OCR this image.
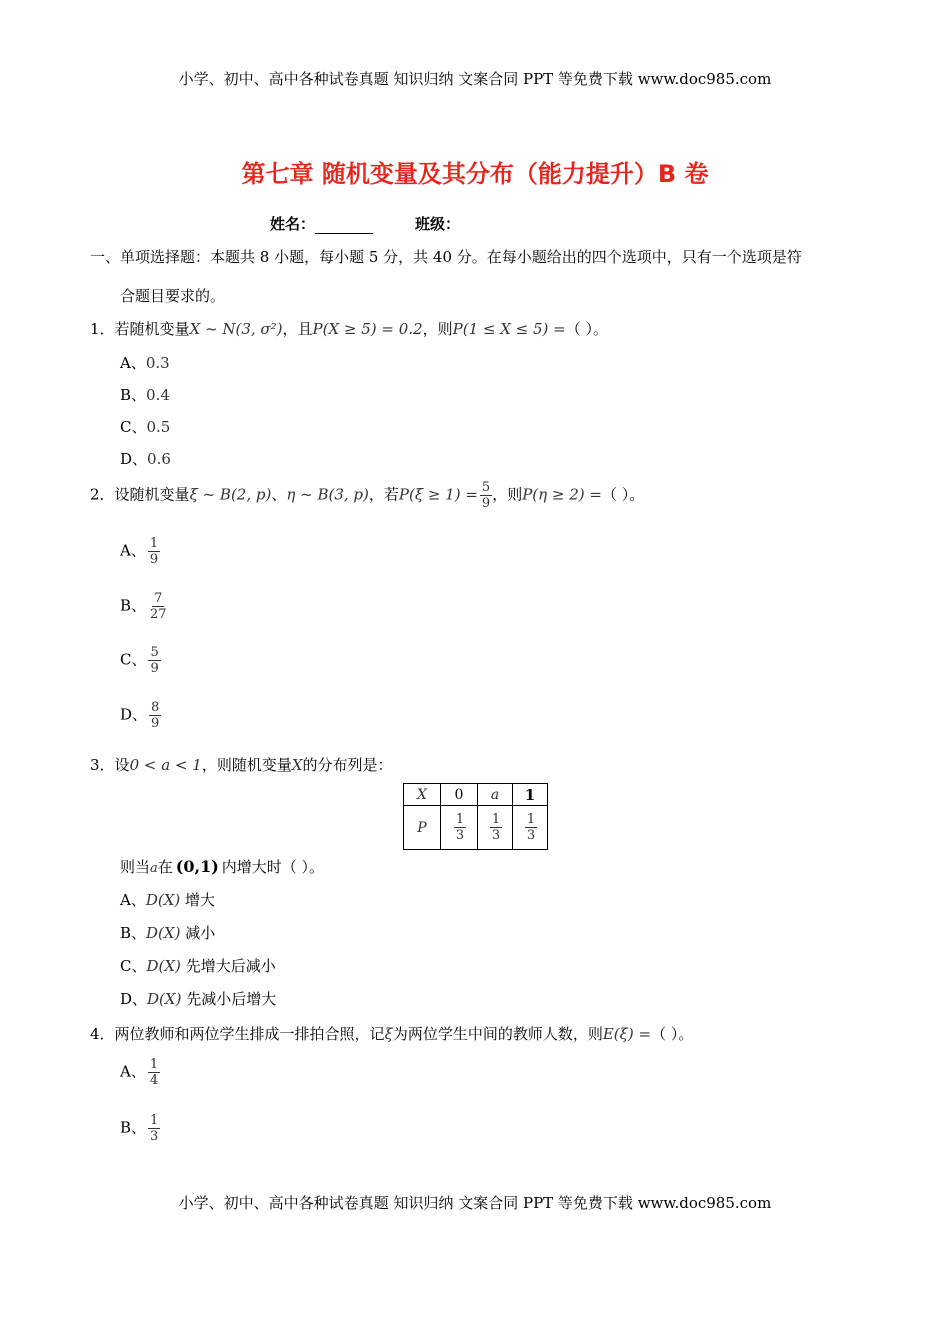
小学、初中、高中各种试卷真题 知识归纳 文案合同 PPT 等免费下载 www.doc985.com
第七章 随机变量及其分布（能力提升）B 卷
姓名：	班级：
一、单项选择题：本题共 8 小题，每小题 5 分，共 40 分。在每小题给出的四个选项中，只有一个选项是符
合题目要求的。
1．若随机变量X ~ N(3, σ²)，且P(X ≥ 5) = 0.2，则P(1 ≤ X ≤ 5) =（ ）。
A、0.3
B、0.4
C、0.5
D、0.6
2．设随机变量ξ ~ B(2, p)、η ~ B(3, p)，若$P(\xi \ge 1) = \frac{5}{9}$ ，则P(η ≥ 2) =（ ）。
A、 $\frac{1}{9}$
B、 $\frac{7}{27}$
C、 $\frac{5}{9}$
D、 $\frac{8}{9}$
3．设0 < a < 1，则随机变量X的分布列是：
X	0	a	1
P	$\frac{1}{3}$	$\frac{1}{3}$	$\frac{1}{3}$
则当a在 (0,1) 内增大时（ ）。
A、D(X) 增大
B、D(X) 减小
C、D(X) 先增大后减小
D、D(X) 先减小后增大
4．两位教师和两位学生排成一排拍合照，记ξ为两位学生中间的教师人数，则E(ξ) =（ ）。
A、 $\frac{1}{4}$
B、 $\frac{1}{3}$
小学、初中、高中各种试卷真题 知识归纳 文案合同 PPT 等免费下载 www.doc985.com
